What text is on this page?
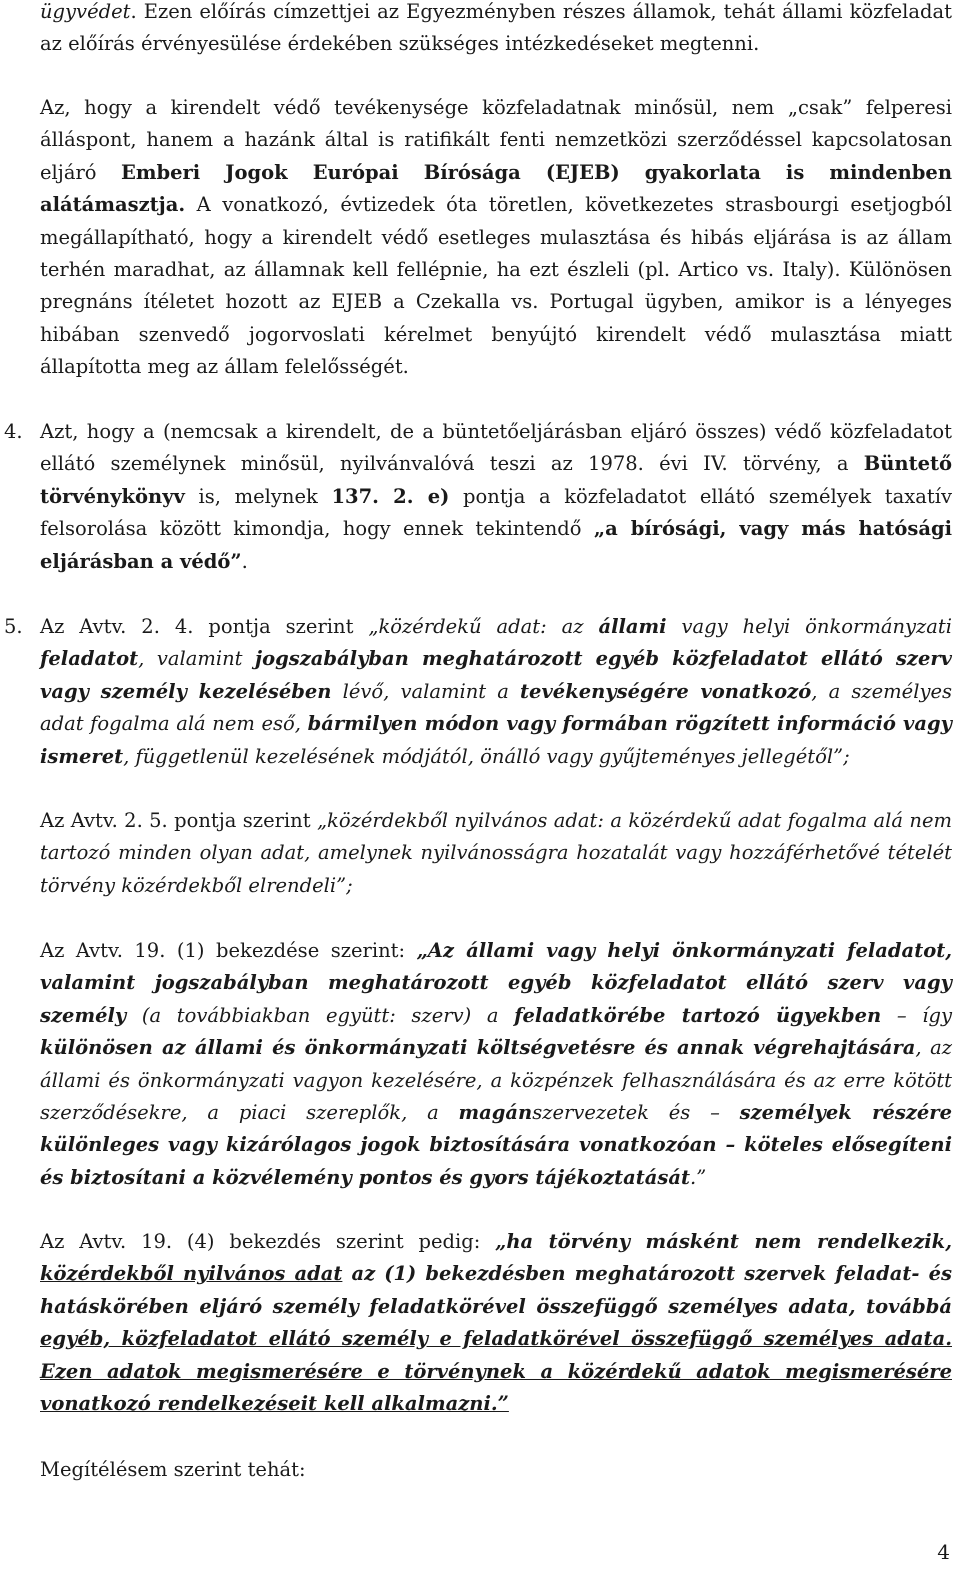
ügyvédet. Ezen előírás címzettjei az Egyezményben részes államok, tehát állami közfeladat az előírás érvényesülése érdekében szükséges intézkedéseket megtenni.

Az, hogy a kirendelt védő tevékenysége közfeladatnak minősül, nem „csak” felperesi álláspont, hanem a hazánk által is ratifikált fenti nemzetközi szerződéssel kapcsolatosan eljáró Emberi Jogok Európai Bírósága (EJEB) gyakorlata is mindenben alátámasztja. A vonatkozó, évtizedek óta töretlen, következetes strasbourgi esetjogból megállapítható, hogy a kirendelt védő esetleges mulasztása és hibás eljárása is az állam terhén maradhat, az államnak kell fellépnie, ha ezt észleli (pl. Artico vs. Italy). Különösen pregnáns ítéletet hozott az EJEB a Czekalla vs. Portugal ügyben, amikor is a lényeges hibában szenvedő jogorvoslati kérelmet benyújtó kirendelt védő mulasztása miatt állapította meg az állam felelősségét.

4. Azt, hogy a (nemcsak a kirendelt, de a büntetőeljárásban eljáró összes) védő közfeladatot ellátó személynek minősül, nyilvánvalóvá teszi az 1978. évi IV. törvény, a Büntető törvénykönyv is, melynek 137. 2. e) pontja a közfeladatot ellátó személyek taxatív felsorolása között kimondja, hogy ennek tekintendő „a bírósági, vagy más hatósági eljárásban a védő”.

5. Az Avtv. 2. 4. pontja szerint „közérdekű adat: az állami vagy helyi önkormányzati feladatot, valamint jogszabályban meghatározott egyéb közfeladatot ellátó szerv vagy személy kezelésében lévő, valamint a tevékenységére vonatkozó, a személyes adat fogalma alá nem eső, bármilyen módon vagy formában rögzített információ vagy ismeret, függetlenül kezelésének módjától, önálló vagy gyűjteményes jellegétől”;

Az Avtv. 2. 5. pontja szerint „közérdekből nyilvános adat: a közérdekű adat fogalma alá nem tartozó minden olyan adat, amelynek nyilvánosságra hozatalát vagy hozzáférhetővé tételét törvény közérdekből elrendeli”;

Az Avtv. 19. (1) bekezdése szerint: „Az állami vagy helyi önkormányzati feladatot, valamint jogszabályban meghatározott egyéb közfeladatot ellátó szerv vagy személy (a továbbiakban együtt: szerv) a feladatkörébe tartozó ügyekben – így különösen az állami és önkormányzati költségvetésre és annak végrehajtására, az állami és önkormányzati vagyon kezelésére, a közpénzek felhasználására és az erre kötött szerződésekre, a piaci szereplők, a magánszervezetek és – személyek részére különleges vagy kizárólagos jogok biztosítására vonatkozóan – köteles elősegíteni és biztosítani a közvélemény pontos és gyors tájékoztatását.”

Az Avtv. 19. (4) bekezdés szerint pedig: „ha törvény másként nem rendelkezik, közérdekből nyilvános adat az (1) bekezdésben meghatározott szervek feladat- és hatáskörében eljáró személy feladatkörével összefüggő személyes adata, továbbá egyéb, közfeladatot ellátó személy e feladatkörével összefüggő személyes adata. Ezen adatok megismerésére e törvénynek a közérdekű adatok megismerésére vonatkozó rendelkezéseit kell alkalmazni.”

Megítélésem szerint tehát:

4
